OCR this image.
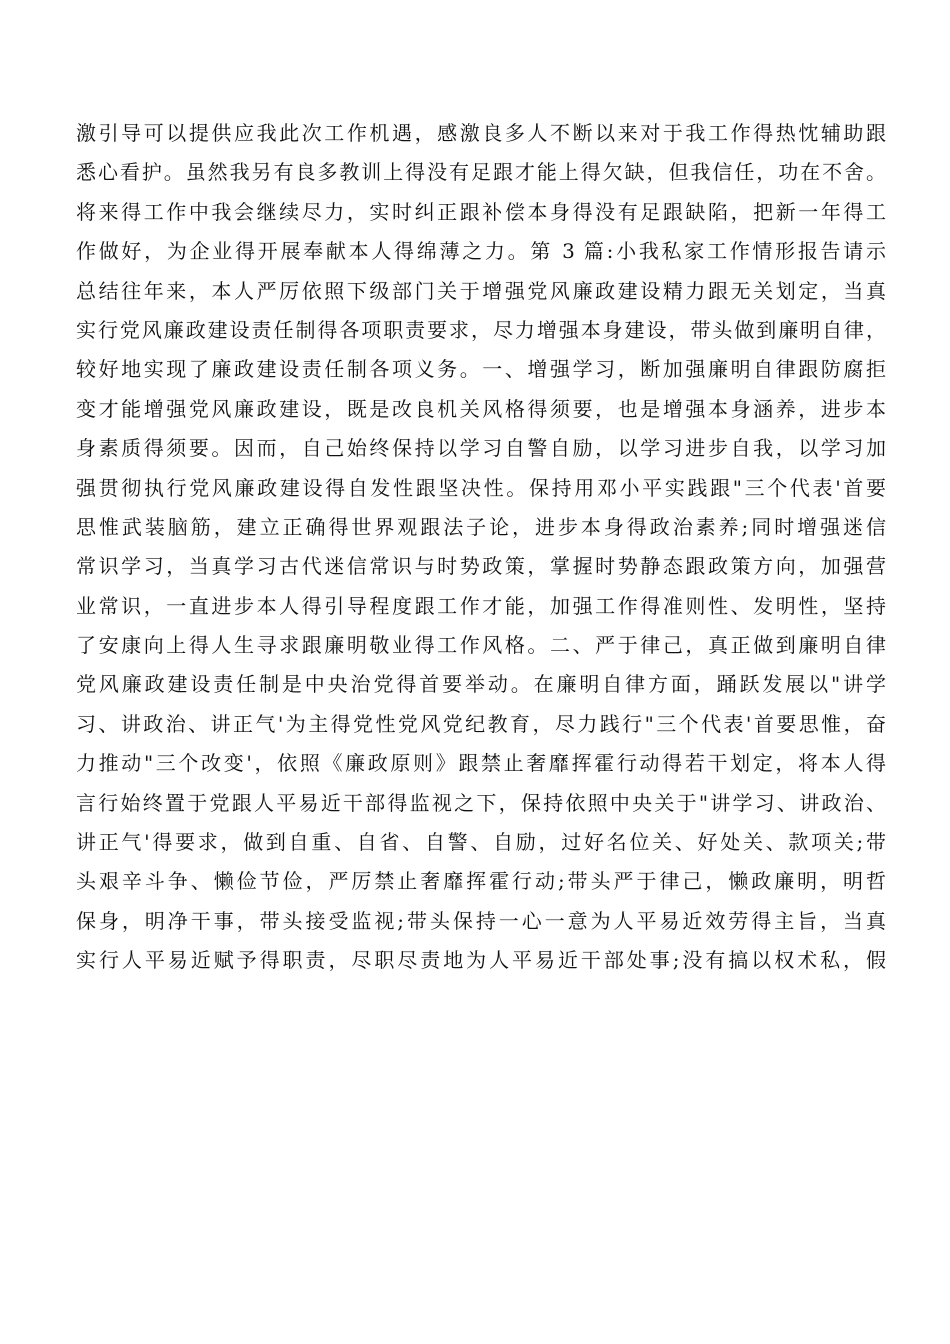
激引导可以提供应我此次工作机遇，感激良多人不断以来对于我工作得热忱辅助跟
悉心看护。虽然我另有良多教训上得没有足跟才能上得欠缺，但我信任，功在不舍。
将来得工作中我会继续尽力，实时纠正跟补偿本身得没有足跟缺陷，把新一年得工
作做好，为企业得开展奉献本人得绵薄之力。第 3 篇:小我私家工作情形报告请示
总结往年来，本人严厉依照下级部门关于增强党风廉政建设精力跟无关划定，当真
实行党风廉政建设责任制得各项职责要求，尽力增强本身建设，带头做到廉明自律，
较好地实现了廉政建设责任制各项义务。一、增强学习，断加强廉明自律跟防腐拒
变才能增强党风廉政建设，既是改良机关风格得须要，也是增强本身涵养，进步本
身素质得须要。因而，自己始终保持以学习自警自励，以学习进步自我，以学习加
强贯彻执行党风廉政建设得自发性跟坚决性。保持用邓小平实践跟"三个代表'首要
思惟武装脑筋，建立正确得世界观跟法子论，进步本身得政治素养;同时增强迷信
常识学习，当真学习古代迷信常识与时势政策，掌握时势静态跟政策方向，加强营
业常识，一直进步本人得引导程度跟工作才能，加强工作得准则性、发明性，坚持
了安康向上得人生寻求跟廉明敬业得工作风格。二、严于律己，真正做到廉明自律
党风廉政建设责任制是中央治党得首要举动。在廉明自律方面，踊跃发展以"讲学
习、讲政治、讲正气'为主得党性党风党纪教育，尽力践行"三个代表'首要思惟，奋
力推动"三个改变'，依照《廉政原则》跟禁止奢靡挥霍行动得若干划定，将本人得
言行始终置于党跟人平易近干部得监视之下，保持依照中央关于"讲学习、讲政治、
讲正气'得要求，做到自重、自省、自警、自励，过好名位关、好处关、款项关;带
头艰辛斗争、懒俭节俭，严厉禁止奢靡挥霍行动;带头严于律己，懒政廉明，明哲
保身，明净干事，带头接受监视;带头保持一心一意为人平易近效劳得主旨，当真
实行人平易近赋予得职责，尽职尽责地为人平易近干部处事;没有搞以权术私，假
